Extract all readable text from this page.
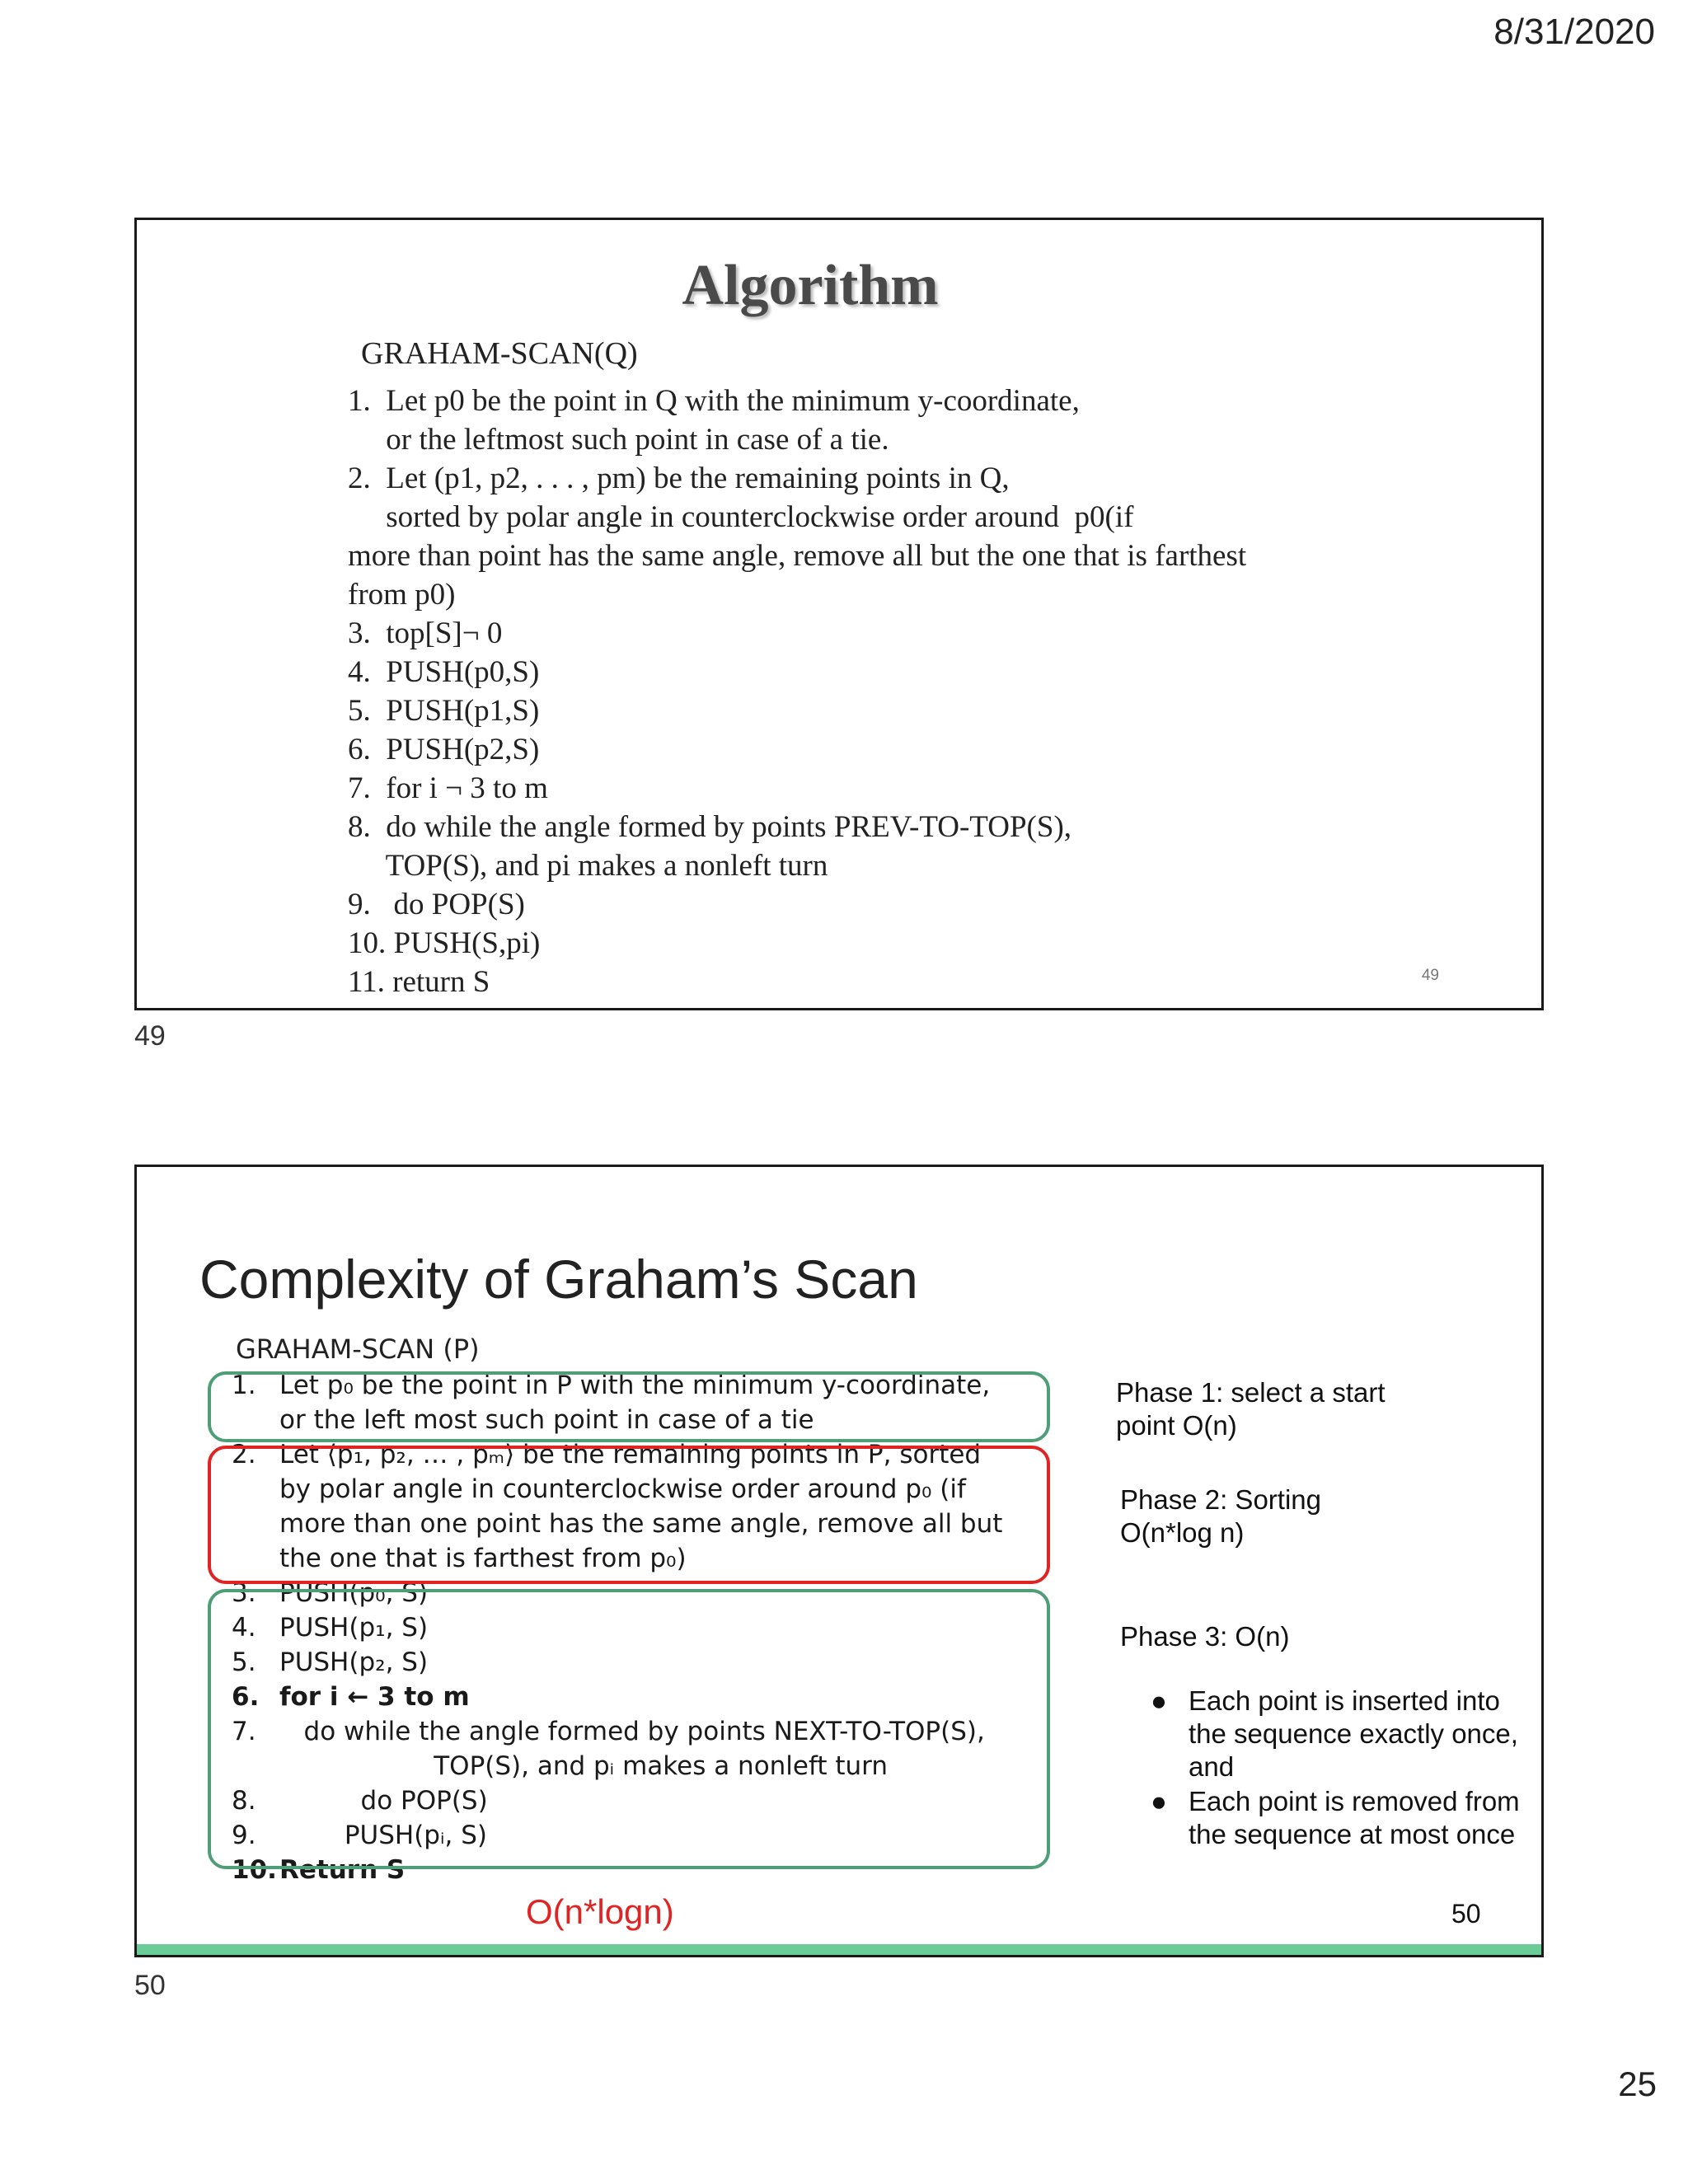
8/31/2020
Algorithm
GRAHAM-SCAN(Q)
1.  Let p0 be the point in Q with the minimum y-coordinate,
or the leftmost such point in case of a tie.
2.  Let (p1, p2, . . . , pm) be the remaining points in Q,
sorted by polar angle in counterclockwise order around  p0(if
more than point has the same angle, remove all but the one that is farthest
from p0)
3.  top[S]¬ 0
4.  PUSH(p0,S)
5.  PUSH(p1,S)
6.  PUSH(p2,S)
7.  for i ¬ 3 to m
8.  do while the angle formed by points PREV-TO-TOP(S),
TOP(S), and pi makes a nonleft turn
9.   do POP(S)
10. PUSH(S,pi)
11. return S	49
49
Complexity of Graham’s Scan
GRAHAM-SCAN (P)
1. Let p₀ be the point in P with the minimum y-coordinate,
or the left most such point in case of a tie
2. Let ⟨p₁, p₂, … , pₘ⟩ be the remaining points in P, sorted
by polar angle in counterclockwise order around p₀ (if
more than one point has the same angle, remove all but
the one that is farthest from p₀)
3. PUSH(p₀, S)
4. PUSH(p₁, S)
5. PUSH(p₂, S)
6. for i ← 3 to m
7.   do while the angle formed by points NEXT-TO-TOP(S),
TOP(S), and pᵢ makes a nonleft turn
8.          do POP(S)
9.        PUSH(pᵢ, S)
10.Return S
Phase 1: select a start point O(n)
Phase 2: Sorting O(n*log n)
Phase 3: O(n)
● Each point is inserted into the sequence exactly once, and
● Each point is removed from the sequence at most once
O(n*logn)	50
50
25
